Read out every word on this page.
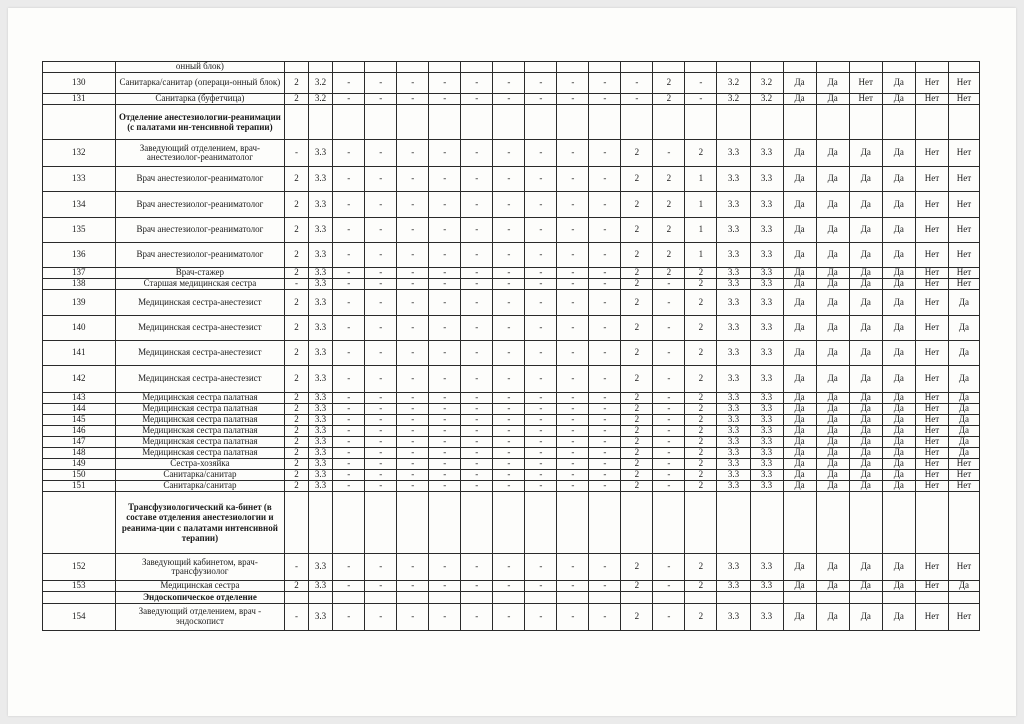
	онный блок)																						
130	Санитарка/санитар (операци-онный блок)	2	3.2	-	-	-	-	-	-	-	-	-	-	2	-	3.2	3.2	Да	Да	Нет	Да	Нет	Нет
131	Санитарка (буфетчица)	2	3.2	-	-	-	-	-	-	-	-	-	-	2	-	3.2	3.2	Да	Да	Нет	Да	Нет	Нет
	Отделение анестезиологии-реанимации (с палатами ин-тенсивной терапии)																						
132	Заведующий отделением, врач-анестезиолог-реаниматолог	-	3.3	-	-	-	-	-	-	-	-	-	2	-	2	3.3	3.3	Да	Да	Да	Да	Нет	Нет
133	Врач анестезиолог-реаниматолог	2	3.3	-	-	-	-	-	-	-	-	-	2	2	1	3.3	3.3	Да	Да	Да	Да	Нет	Нет
134	Врач анестезиолог-реаниматолог	2	3.3	-	-	-	-	-	-	-	-	-	2	2	1	3.3	3.3	Да	Да	Да	Да	Нет	Нет
135	Врач анестезиолог-реаниматолог	2	3.3	-	-	-	-	-	-	-	-	-	2	2	1	3.3	3.3	Да	Да	Да	Да	Нет	Нет
136	Врач анестезиолог-реаниматолог	2	3.3	-	-	-	-	-	-	-	-	-	2	2	1	3.3	3.3	Да	Да	Да	Да	Нет	Нет
137	Врач-стажер	2	3.3	-	-	-	-	-	-	-	-	-	2	2	2	3.3	3.3	Да	Да	Да	Да	Нет	Нет
138	Старшая медицинская сестра	-	3.3	-	-	-	-	-	-	-	-	-	2	-	2	3.3	3.3	Да	Да	Да	Да	Нет	Нет
139	Медицинская сестра-анестезист	2	3.3	-	-	-	-	-	-	-	-	-	2	-	2	3.3	3.3	Да	Да	Да	Да	Нет	Да
140	Медицинская сестра-анестезист	2	3.3	-	-	-	-	-	-	-	-	-	2	-	2	3.3	3.3	Да	Да	Да	Да	Нет	Да
141	Медицинская сестра-анестезист	2	3.3	-	-	-	-	-	-	-	-	-	2	-	2	3.3	3.3	Да	Да	Да	Да	Нет	Да
142	Медицинская сестра-анестезист	2	3.3	-	-	-	-	-	-	-	-	-	2	-	2	3.3	3.3	Да	Да	Да	Да	Нет	Да
143	Медицинская сестра палатная	2	3.3	-	-	-	-	-	-	-	-	-	2	-	2	3.3	3.3	Да	Да	Да	Да	Нет	Да
144	Медицинская сестра палатная	2	3.3	-	-	-	-	-	-	-	-	-	2	-	2	3.3	3.3	Да	Да	Да	Да	Нет	Да
145	Медицинская сестра палатная	2	3.3	-	-	-	-	-	-	-	-	-	2	-	2	3.3	3.3	Да	Да	Да	Да	Нет	Да
146	Медицинская сестра палатная	2	3.3	-	-	-	-	-	-	-	-	-	2	-	2	3.3	3.3	Да	Да	Да	Да	Нет	Да
147	Медицинская сестра палатная	2	3.3	-	-	-	-	-	-	-	-	-	2	-	2	3.3	3.3	Да	Да	Да	Да	Нет	Да
148	Медицинская сестра палатная	2	3.3	-	-	-	-	-	-	-	-	-	2	-	2	3.3	3.3	Да	Да	Да	Да	Нет	Да
149	Сестра-хозяйка	2	3.3	-	-	-	-	-	-	-	-	-	2	-	2	3.3	3.3	Да	Да	Да	Да	Нет	Нет
150	Санитарка/санитар	2	3.3	-	-	-	-	-	-	-	-	-	2	-	2	3.3	3.3	Да	Да	Да	Да	Нет	Нет
151	Санитарка/санитар	2	3.3	-	-	-	-	-	-	-	-	-	2	-	2	3.3	3.3	Да	Да	Да	Да	Нет	Нет
	Трансфузиологический ка-бинет (в составе отделения анестезиологии и реанима-ции с палатами интенсивной терапии)																						
152	Заведующий кабинетом, врач-трансфузиолог	-	3.3	-	-	-	-	-	-	-	-	-	2	-	2	3.3	3.3	Да	Да	Да	Да	Нет	Нет
153	Медицинская сестра	2	3.3	-	-	-	-	-	-	-	-	-	2	-	2	3.3	3.3	Да	Да	Да	Да	Нет	Да
	Эндоскопическое отделение																						
154	Заведующий отделением, врач - эндоскопист	-	3.3	-	-	-	-	-	-	-	-	-	2	-	2	3.3	3.3	Да	Да	Да	Да	Нет	Нет
